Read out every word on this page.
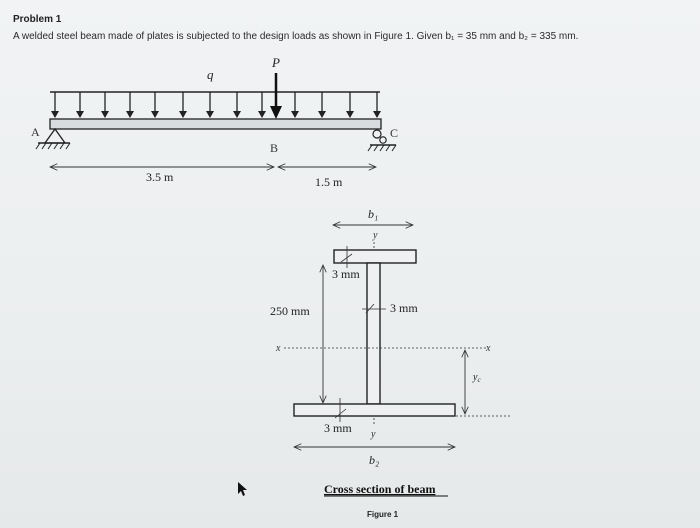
Problem 1
A welded steel beam made of plates is subjected to the design loads as shown in Figure 1. Given b₁ = 35 mm and b₂ = 335 mm.
P
q
A	C
B
3.5 m	1.5 m
b₁
y
3 mm
3 mm
250 mm
x	x
$y_c$
3 mm y
b₂
Cross section of beam
Figure 1
